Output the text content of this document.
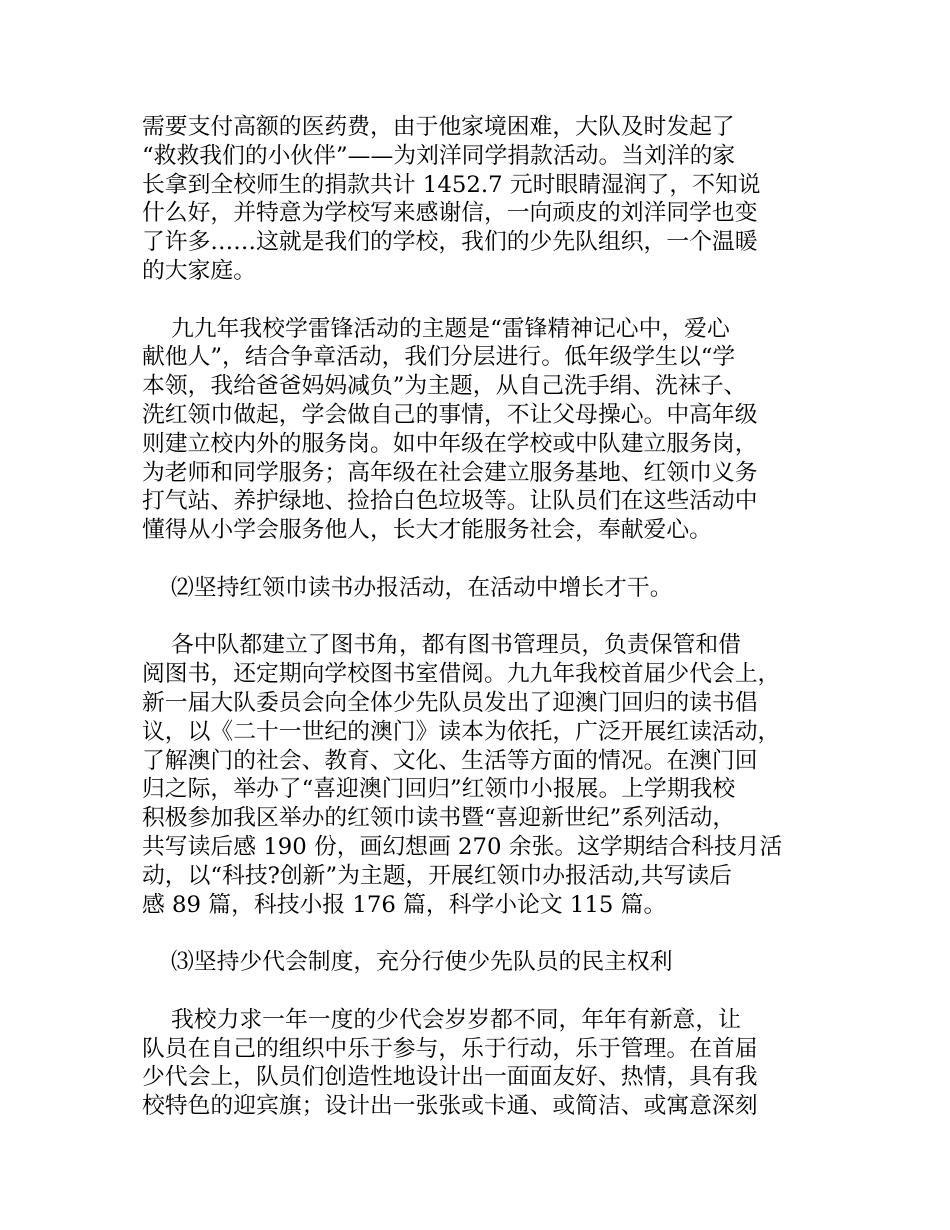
需要支付高额的医药费，由于他家境困难，大队及时发起了
“救救我们的小伙伴”——为刘洋同学捐款活动。当刘洋的家
长拿到全校师生的捐款共计 1452.7 元时眼睛湿润了，不知说
什么好，并特意为学校写来感谢信，一向顽皮的刘洋同学也变
了许多……这就是我们的学校，我们的少先队组织，一个温暖
的大家庭。
九九年我校学雷锋活动的主题是“雷锋精神记心中，爱心
献他人”，结合争章活动，我们分层进行。低年级学生以“学
本领，我给爸爸妈妈减负”为主题，从自己洗手绢、洗袜子、
洗红领巾做起，学会做自己的事情，不让父母操心。中高年级
则建立校内外的服务岗。如中年级在学校或中队建立服务岗，
为老师和同学服务；高年级在社会建立服务基地、红领巾义务
打气站、养护绿地、捡拾白色垃圾等。让队员们在这些活动中
懂得从小学会服务他人，长大才能服务社会，奉献爱心。
⑵坚持红领巾读书办报活动，在活动中增长才干。
各中队都建立了图书角，都有图书管理员，负责保管和借
阅图书，还定期向学校图书室借阅。九九年我校首届少代会上，
新一届大队委员会向全体少先队员发出了迎澳门回归的读书倡
议，以《二十一世纪的澳门》读本为依托，广泛开展红读活动，
了解澳门的社会、教育、文化、生活等方面的情况。在澳门回
归之际，举办了“喜迎澳门回归”红领巾小报展。上学期我校
积极参加我区举办的红领巾读书暨“喜迎新世纪”系列活动，
共写读后感 190 份，画幻想画 270 余张。这学期结合科技月活
动，以“科技?创新”为主题，开展红领巾办报活动,共写读后
感 89 篇，科技小报 176 篇，科学小论文 115 篇。
⑶坚持少代会制度，充分行使少先队员的民主权利
我校力求一年一度的少代会岁岁都不同，年年有新意，让
队员在自己的组织中乐于参与，乐于行动，乐于管理。在首届
少代会上，队员们创造性地设计出一面面友好、热情，具有我
校特色的迎宾旗；设计出一张张或卡通、或简洁、或寓意深刻
